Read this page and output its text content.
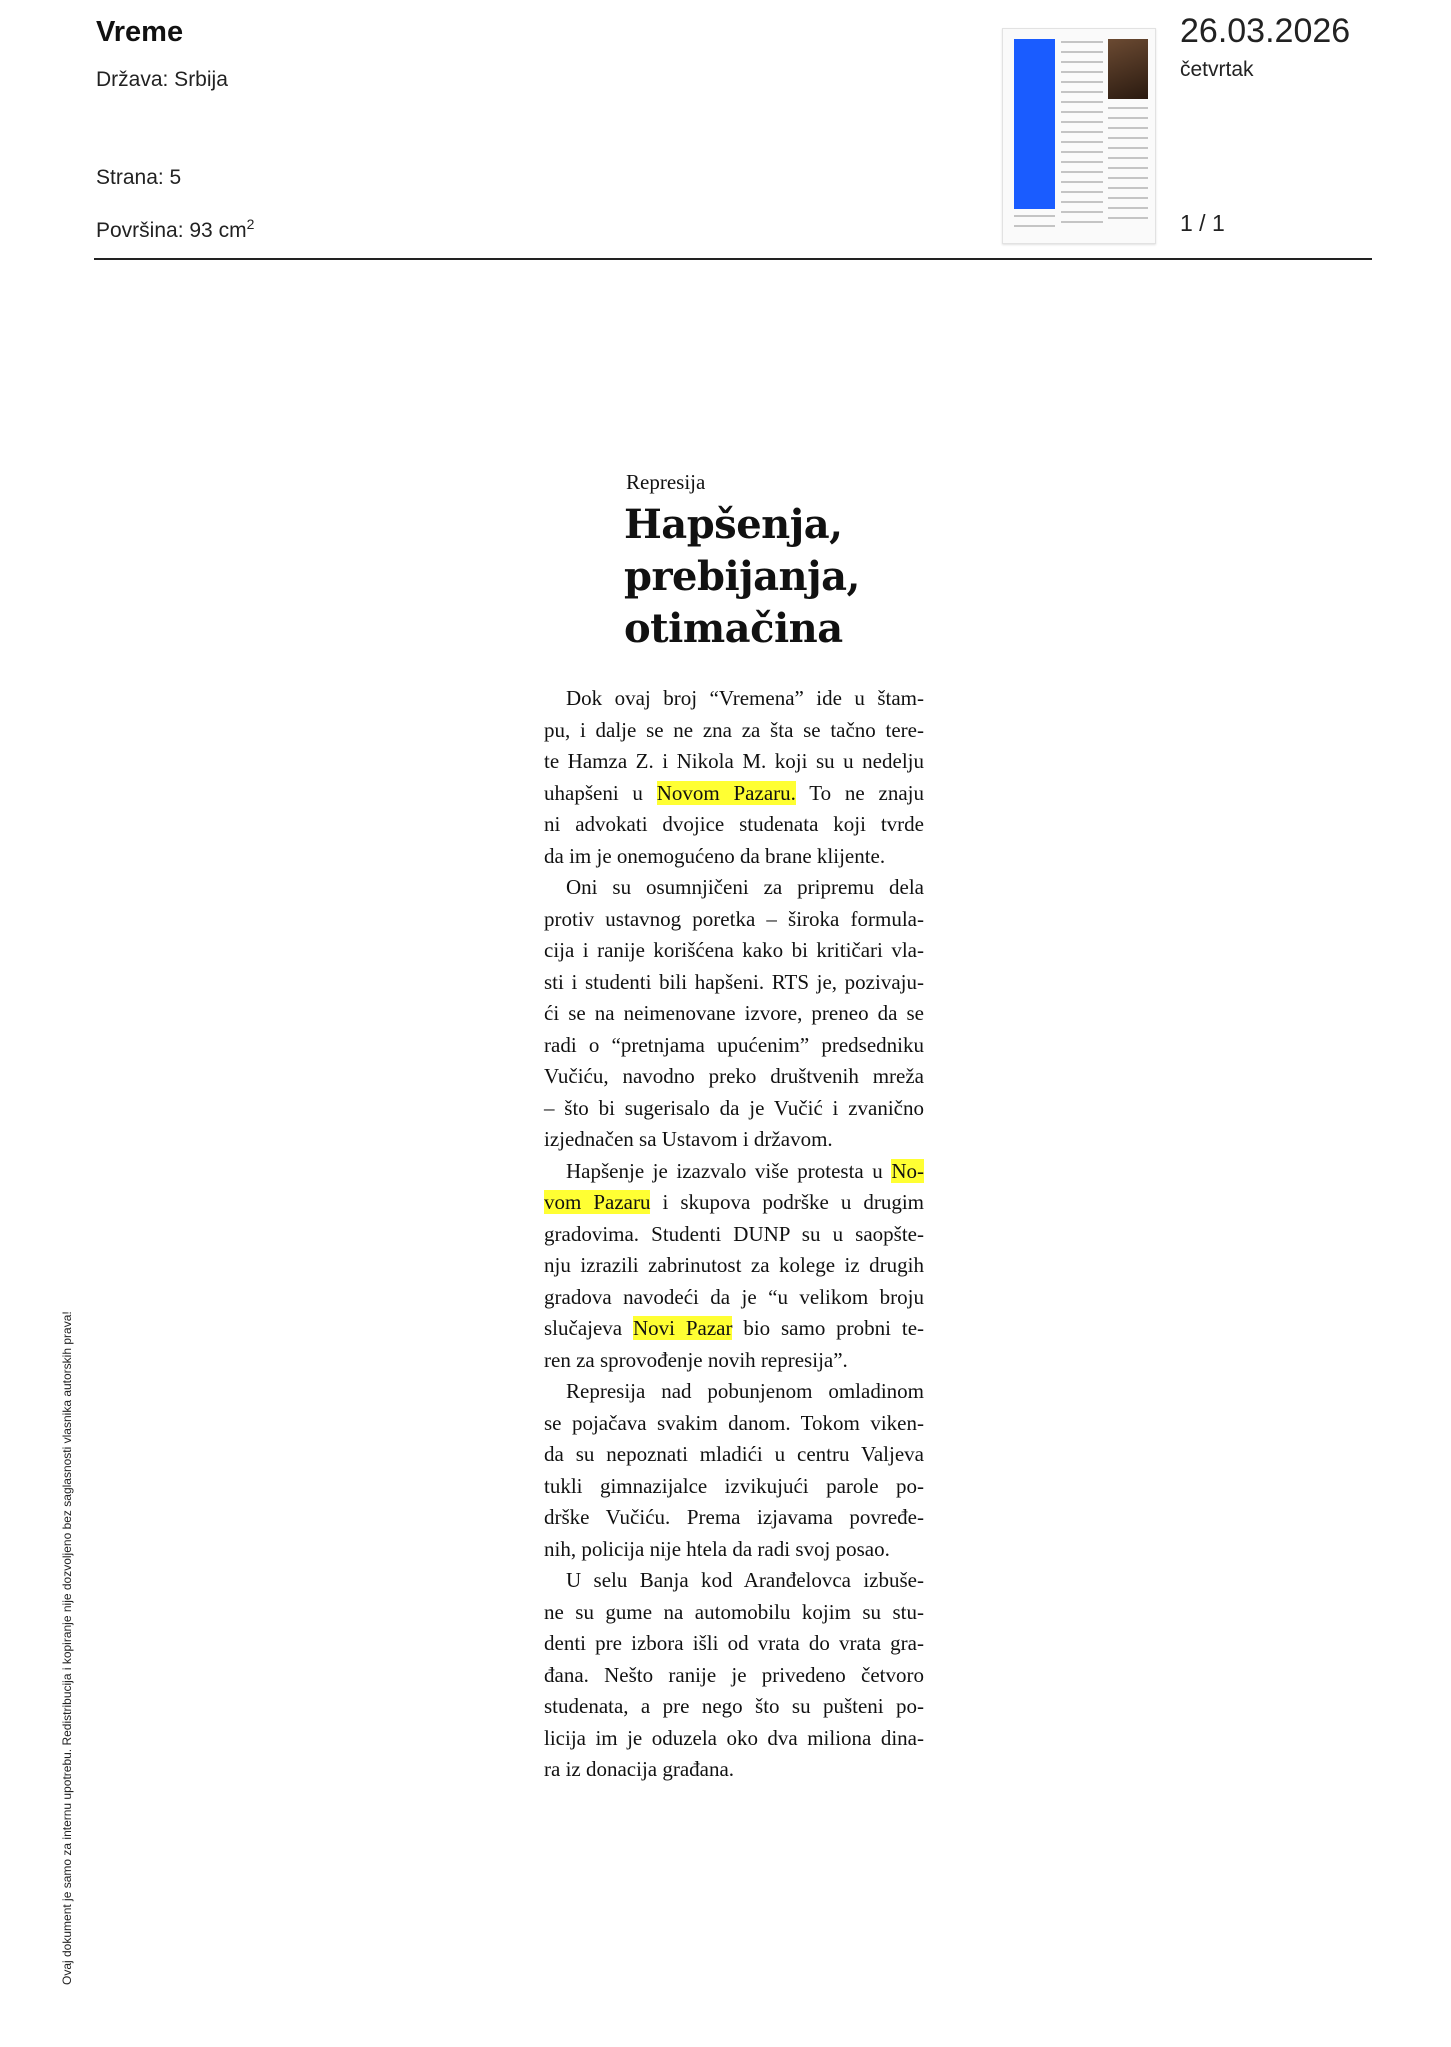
Vreme
Država: Srbija
Strana: 5
Površina: 93 $cm^2$
26.03.2026
četvrtak
1 / 1
Represija
Hapšenja,
prebijanja,
otimačina
Dok ovaj broj “Vremena” ide u štam-
pu, i dalje se ne zna za šta se tačno tere-
te Hamza Z. i Nikola M. koji su u nedelju
uhapšeni u Novom Pazaru. To ne znaju
ni advokati dvojice studenata koji tvrde
da im je onemogućeno da brane klijente.
Oni su osumnjičeni za pripremu dela
protiv ustavnog poretka – široka formula-
cija i ranije korišćena kako bi kritičari vla-
sti i studenti bili hapšeni. RTS je, pozivaju-
ći se na neimenovane izvore, preneo da se
radi o “pretnjama upućenim” predsedniku
Vučiću, navodno preko društvenih mreža
– što bi sugerisalo da je Vučić i zvanično
izjednačen sa Ustavom i državom.
Hapšenje je izazvalo više protesta u No-
vom Pazaru i skupova podrške u drugim
gradovima. Studenti DUNP su u saopšte-
nju izrazili zabrinutost za kolege iz drugih
gradova navodeći da je “u velikom broju
slučajeva Novi Pazar bio samo probni te-
ren za sprovođenje novih represija”.
Represija nad pobunjenom omladinom
se pojačava svakim danom. Tokom viken-
da su nepoznati mladići u centru Valjeva
tukli gimnazijalce izvikujući parole po-
drške Vučiću. Prema izjavama povređe-
nih, policija nije htela da radi svoj posao.
U selu Banja kod Aranđelovca izbuše-
ne su gume na automobilu kojim su stu-
denti pre izbora išli od vrata do vrata gra-
đana. Nešto ranije je privedeno četvoro
studenata, a pre nego što su pušteni po-
licija im je oduzela oko dva miliona dina-
ra iz donacija građana.
Ovaj dokument je samo za internu upotrebu. Redistribucija i kopiranje nije dozvoljeno bez saglasnosti vlasnika autorskih prava!
